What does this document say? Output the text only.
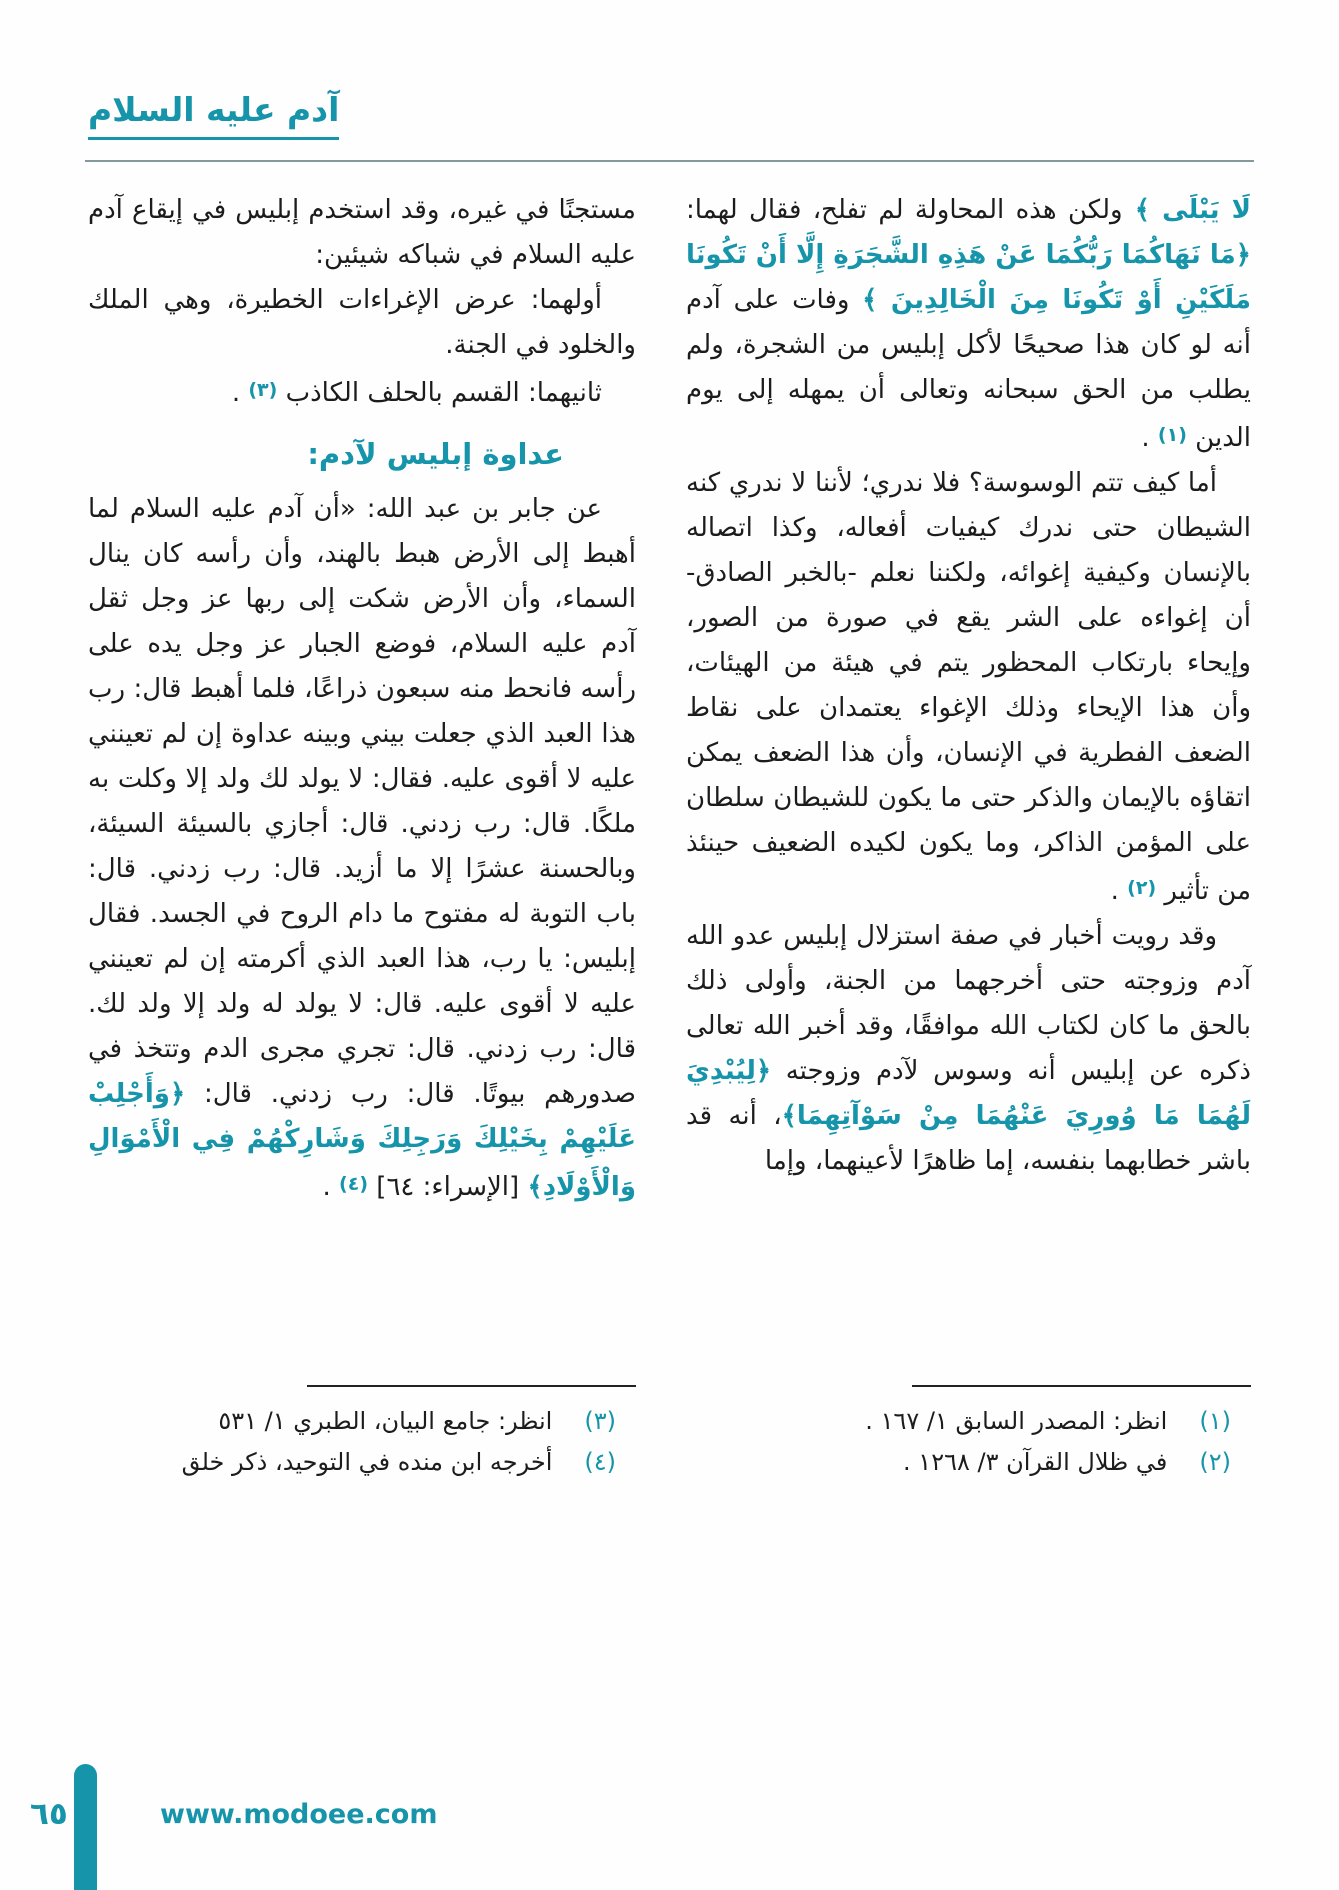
آدم عليه السلام

لَا يَبْلَى ﴾ ولكن هذه المحاولة لم تفلح، فقال لهما: ﴿مَا نَهَاكُمَا رَبُّكُمَا عَنْ هَذِهِ الشَّجَرَةِ إِلَّا أَنْ تَكُونَا مَلَكَيْنِ أَوْ تَكُونَا مِنَ الْخَالِدِينَ ﴾ وفات على آدم أنه لو كان هذا صحيحًا لأكل إبليس من الشجرة، ولم يطلب من الحق سبحانه وتعالى أن يمهله إلى يوم الدين (١) .

أما كيف تتم الوسوسة؟ فلا ندري؛ لأننا لا ندري كنه الشيطان حتى ندرك كيفيات أفعاله، وكذا اتصاله بالإنسان وكيفية إغوائه، ولكننا نعلم -بالخبر الصادق- أن إغواءه على الشر يقع في صورة من الصور، وإيحاء بارتكاب المحظور يتم في هيئة من الهيئات، وأن هذا الإيحاء وذلك الإغواء يعتمدان على نقاط الضعف الفطرية في الإنسان، وأن هذا الضعف يمكن اتقاؤه بالإيمان والذكر حتى ما يكون للشيطان سلطان على المؤمن الذاكر، وما يكون لكيده الضعيف حينئذ من تأثير (٢) .

وقد رويت أخبار في صفة استزلال إبليس عدو الله آدم وزوجته حتى أخرجهما من الجنة، وأولى ذلك بالحق ما كان لكتاب الله موافقًا، وقد أخبر الله تعالى ذكره عن إبليس أنه وسوس لآدم وزوجته ﴿لِيُبْدِيَ لَهُمَا مَا وُورِيَ عَنْهُمَا مِنْ سَوْآتِهِمَا﴾، أنه قد باشر خطابهما بنفسه، إما ظاهرًا لأعينهما، وإما

(١)
انظر: المصدر السابق ١/ ١٦٧ .
(٢)
في ظلال القرآن ٣/ ١٢٦٨ .

مستجنًا في غيره، وقد استخدم إبليس في إيقاع آدم عليه السلام في شباكه شيئين:

أولهما: عرض الإغراءات الخطيرة، وهي الملك والخلود في الجنة.

ثانيهما: القسم بالحلف الكاذب (٣) .

عداوة إبليس لآدم:

عن جابر بن عبد الله: «أن آدم عليه السلام لما أهبط إلى الأرض هبط بالهند، وأن رأسه كان ينال السماء، وأن الأرض شكت إلى ربها عز وجل ثقل آدم عليه السلام، فوضع الجبار عز وجل يده على رأسه فانحط منه سبعون ذراعًا، فلما أهبط قال: رب هذا العبد الذي جعلت بيني وبينه عداوة إن لم تعينني عليه لا أقوى عليه. فقال: لا يولد لك ولد إلا وكلت به ملكًا. قال: رب زدني. قال: أجازي بالسيئة السيئة، وبالحسنة عشرًا إلا ما أزيد. قال: رب زدني. قال: باب التوبة له مفتوح ما دام الروح في الجسد. فقال إبليس: يا رب، هذا العبد الذي أكرمته إن لم تعينني عليه لا أقوى عليه. قال: لا يولد له ولد إلا ولد لك. قال: رب زدني. قال: تجري مجرى الدم وتتخذ في صدورهم بيوتًا. قال: رب زدني. قال: ﴿وَأَجْلِبْ عَلَيْهِمْ بِخَيْلِكَ وَرَجِلِكَ وَشَارِكْهُمْ فِي الْأَمْوَالِ وَالْأَوْلَادِ﴾ [الإسراء: ٦٤] (٤) .

(٣)
انظر: جامع البيان، الطبري ١/ ٥٣١
(٤)
أخرجه ابن منده في التوحيد، ذكر خلق
٦٥	www.modoee.com
